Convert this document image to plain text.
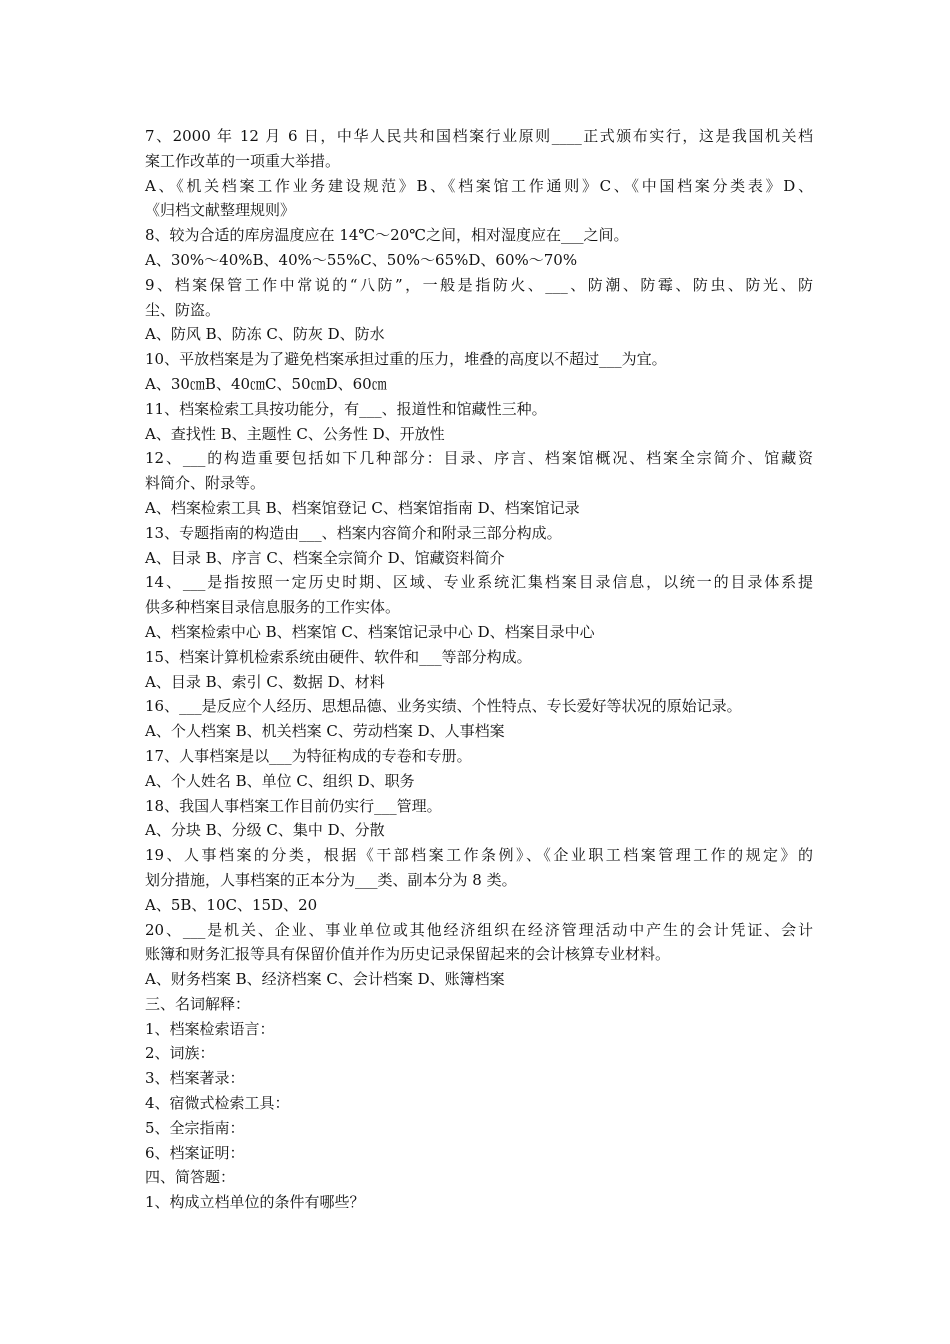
7、2000 年 12 月 6 日，中华人民共和国档案行业原则____正式颁布实行，这是我国机关档
案工作改革的一项重大举措。
A、《机关档案工作业务建设规范》B、《档案馆工作通则》C、《中国档案分类表》D、
《归档文献整理规则》
8、较为合适的库房温度应在 14℃～20℃之间，相对湿度应在___之间。
A、30%～40%B、40%～55%C、50%～65%D、60%～70%
9、档案保管工作中常说的“八防”，一般是指防火、___、防潮、防霉、防虫、防光、防
尘、防盗。
A、防风 B、防冻 C、防灰 D、防水
10、平放档案是为了避免档案承担过重的压力，堆叠的高度以不超过___为宜。
A、30㎝B、40㎝C、50㎝D、60㎝
11、档案检索工具按功能分，有___、报道性和馆藏性三种。
A、查找性 B、主题性 C、公务性 D、开放性
12、___的构造重要包括如下几种部分：目录、序言、档案馆概况、档案全宗简介、馆藏资
料简介、附录等。
A、档案检索工具 B、档案馆登记 C、档案馆指南 D、档案馆记录
13、专题指南的构造由___、档案内容简介和附录三部分构成。
A、目录 B、序言 C、档案全宗简介 D、馆藏资料简介
14、___是指按照一定历史时期、区域、专业系统汇集档案目录信息，以统一的目录体系提
供多种档案目录信息服务的工作实体。
A、档案检索中心 B、档案馆 C、档案馆记录中心 D、档案目录中心
15、档案计算机检索系统由硬件、软件和___等部分构成。
A、目录 B、索引 C、数据 D、材料
16、___是反应个人经历、思想品德、业务实绩、个性特点、专长爱好等状况的原始记录。
A、个人档案 B、机关档案 C、劳动档案 D、人事档案
17、人事档案是以___为特征构成的专卷和专册。
A、个人姓名 B、单位 C、组织 D、职务
18、我国人事档案工作目前仍实行___管理。
A、分块 B、分级 C、集中 D、分散
19、人事档案的分类，根据《干部档案工作条例》、《企业职工档案管理工作的规定》的
划分措施，人事档案的正本分为___类、副本分为 8 类。
A、5B、10C、15D、20
20、___是机关、企业、事业单位或其他经济组织在经济管理活动中产生的会计凭证、会计
账簿和财务汇报等具有保留价值并作为历史记录保留起来的会计核算专业材料。
A、财务档案 B、经济档案 C、会计档案 D、账簿档案
三、名词解释：
1、档案检索语言：
2、词族：
3、档案著录：
4、宿微式检索工具：
5、全宗指南：
6、档案证明：
四、简答题：
1、构成立档单位的条件有哪些？
